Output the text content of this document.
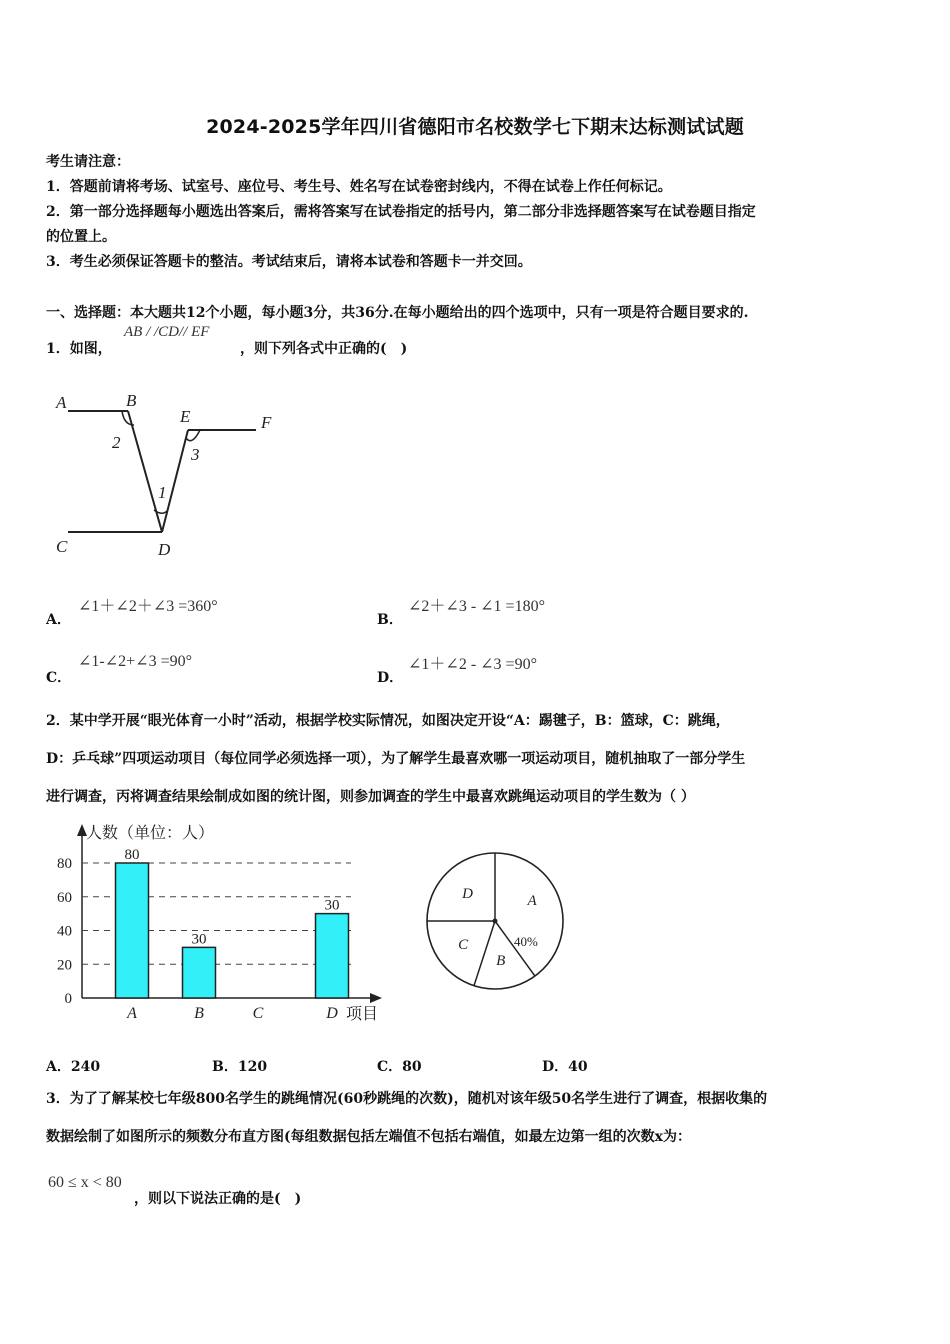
2024-2025学年四川省德阳市名校数学七下期末达标测试试题
考生请注意：
1．答题前请将考场、试室号、座位号、考生号、姓名写在试卷密封线内，不得在试卷上作任何标记。
2．第一部分选择题每小题选出答案后，需将答案写在试卷指定的括号内，第二部分非选择题答案写在试卷题目指定
的位置上。
3．考生必须保证答题卡的整洁。考试结束后，请将本试卷和答题卡一并交回。
一、选择题：本大题共12个小题，每小题3分，共36分.在每小题给出的四个选项中，只有一项是符合题目要求的.
1．如图，
AB / /CD// EF
，则下列各式中正确的(　)
A	B
E	F
C	D
2
1
3
A．
∠1＋∠2＋∠3 =360°
B．
∠2＋∠3 - ∠1 =180°
C．
∠1-∠2+∠3 =90°
D．
∠1＋∠2 - ∠3 =90°
2．某中学开展“眼光体育一小时”活动，根据学校实际情况，如图决定开设“A：踢毽子，B：篮球，C：跳绳，
D：乒乓球”四项运动项目（每位同学必须选择一项），为了解学生最喜欢哪一项运动项目，随机抽取了一部分学生
进行调查，丙将调查结果绘制成如图的统计图，则参加调查的学生中最喜欢跳绳运动项目的学生数为（ ）
人数（单位：人）
项目
0
20
40
60
80
A	B	C	D
80
30
30	A
B
C
D
40%
A．240	B．120	C．80	D．40
3．为了了解某校七年级800名学生的跳绳情况(60秒跳绳的次数)，随机对该年级50名学生进行了调查，根据收集的
数据绘制了如图所示的频数分布直方图(每组数据包括左端值不包括右端值，如最左边第一组的次数x为：
60 ≤ x < 80
，则以下说法正确的是(　)
